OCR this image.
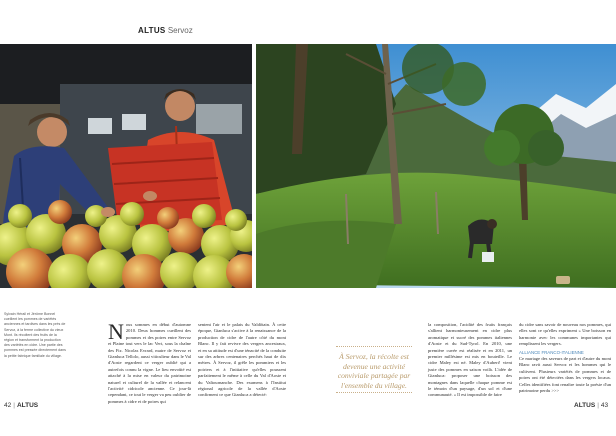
ALTUS Servoz
Sylvain Hérail et Jérôme Bonnel cueillent les pommes de variétés anciennes et tardives dans les prés de Servoz, à la ferme collective du vieux Mont. Ils récoltent des fruits de la région et transforment la production des variétés en cidre. Une partie des pommes est pressée directement dans la petite fabrique familiale du village.
Nous sommes en début d'automne 2010. Deux hommes cueillent des pommes et des poires entre Servoz et Plaine tout vers le lac Vert, sous la chaîne des Fiz. Nicolas Evrard, maire de Servoz et Gianluca Tellolo, aussi viticulteur dans le Val d'Aoste regardent ce verger oublié qui a autrefois connu la vigne. Le lieu envoûté est attaché à la mise en valeur du patrimoine naturel et culturel de la vallée et relancent l'activité cidricole ancienne. Ce jour-là cependant, ce tout le verger va peu oublier de pommes à cidre et de poires qui
sentent l'air et le palais du Valdôtain. À cette époque, Gianluca s'active à la renaissance de la production de cidre de l'autre côté du mont Blanc. Il y fait revivre des vergers ancestraux, et en sa attitude est d'une ténacité de la conduite sur des arbres centenaires perchés haut de dix mètres. À Servoz, il grêle les pommiers et les poiriers et à l'initiative qu'elles poussent parfaitement le même à celle du Val d'Aoste et du Valtournanche. Des examens à l'Institut régional agricole de la vallée d'Aoste confirment ce que Gianluca a détecté:
À Servoz, la récolte est devenue une activité conviviale partagée par l'ensemble du village.
la composition, l'acidité des fruits français s'allient harmonieusement en cidre plus aromatique et sucré des pommes italiennes d'Aoste et du Sud-Tyrol. En 2010, une première cuvée est réalisée et en 2011, un premier millésime est mis en bouteille. Le cidre Maley est né. Maley d'Aubert! vient juste des pommes en saison voilà. L'idée de Gianluca: proposer une boisson des montagnes dans laquelle chaque pomme est le témoin d'un paysage, d'un sol et d'une communauté. « Il est impossible de faire
du cidre sans savoir de nouveau nos pommes, qui elles sont ce qu'elles expriment » Une boisson en harmonie avec les communes importantes qui remplissent les vergers.
ALLIANCE FRANCO-ITALIENNE
Ce mariage des saveurs de part et d'autre du mont Blanc ravit aussi Servoz et les hommes qui le cultivent. Plusieurs variétés de pommes et de poires ont été détectées dans les vergers locaux. Celles identifiées font renaître toute la poésie d'un patrimoine perdu >>>
42 | ALTUS	ALTUS | 43
